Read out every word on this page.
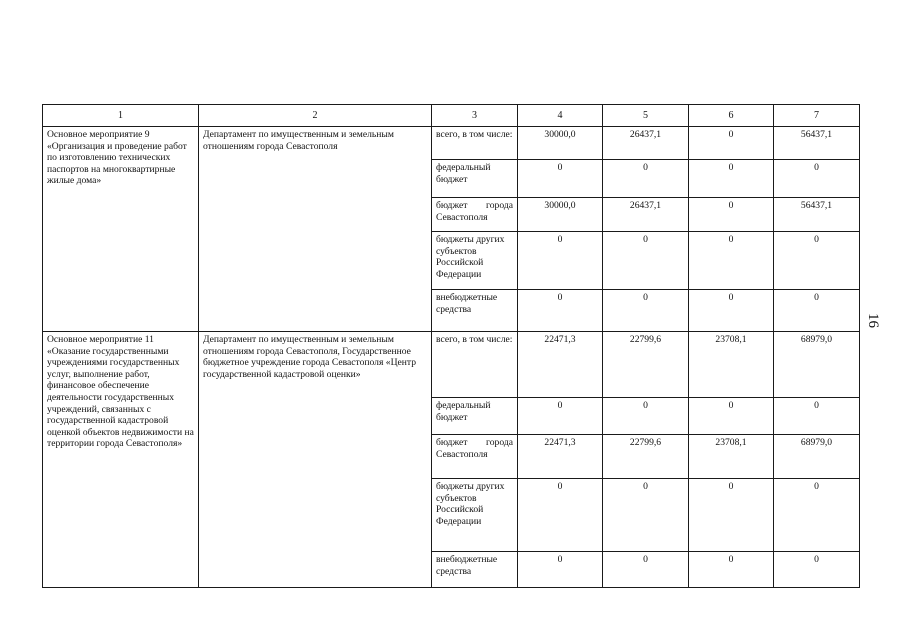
1	2	3	4	5	6	7
Основное мероприятие 9 «Организация и проведение работ по изготовлению технических паспортов на многоквартирные жилые дома»	Департамент по имущественным и земельным отношениям города Севастополя	всего, в том числе:	30000,0	26437,1	0	56437,1
		федеральный бюджет	0	0	0	0
		бюджет города Севастополя	30000,0	26437,1	0	56437,1
		бюджеты других субъектов Российской Федерации	0	0	0	0
		внебюджетные средства	0	0	0	0
Основное мероприятие 11 «Оказание государственными учреждениями государственных услуг, выполнение работ, финансовое обеспечение деятельности государственных учреждений, связанных с государственной кадастровой оценкой объектов недвижимости на территории города Севастополя»	Департамент по имущественным и земельным отношениям города Севастополя, Государственное бюджетное учреждение города Севастополя «Центр государственной кадастровой оценки»	всего, в том числе:	22471,3	22799,6	23708,1	68979,0
		федеральный бюджет	0	0	0	0
		бюджет города Севастополя	22471,3	22799,6	23708,1	68979,0
		бюджеты других субъектов Российской Федерации	0	0	0	0
		внебюджетные средства	0	0	0	0
16
